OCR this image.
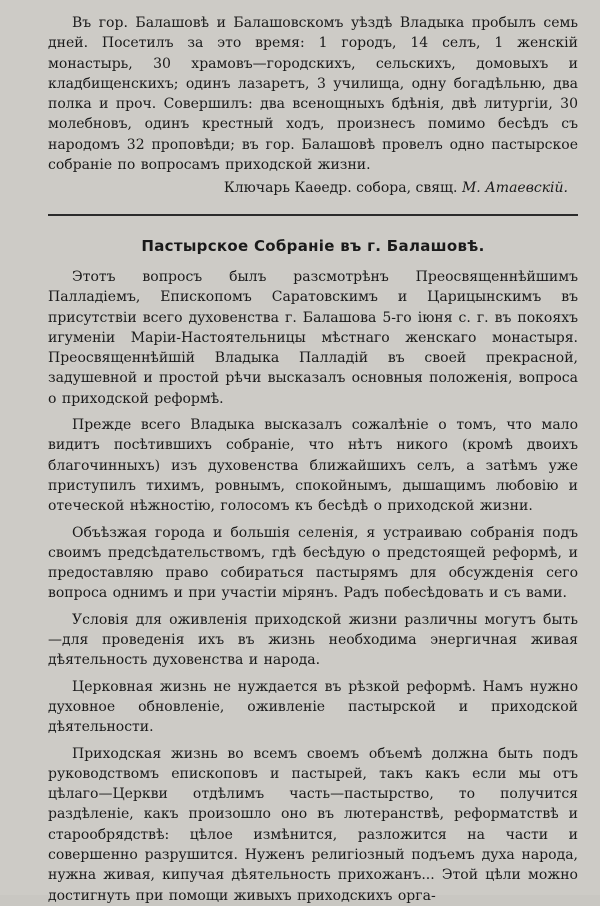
Въ гор. Балашовѣ и Балашовскомъ уѣздѣ Владыка пробылъ семь дней. Посетилъ за это время: 1 городъ, 14 селъ, 1 женскій монастырь, 30 храмовъ—городскихъ, сельскихъ, домовыхъ и кладбищенскихъ; одинъ лазаретъ, 3 училища, одну богадѣльню, два полка и проч. Совершилъ: два всенощныхъ бдѣнія, двѣ литургіи, 30 молебновъ, одинъ крестный ходъ, произнесъ помимо бесѣдъ съ народомъ 32 проповѣди; въ гор. Балашовѣ провелъ одно пастырское собраніе по вопросамъ приходской жизни.

Ключарь Каѳедр. собора, свящ. М. Атаевскій.
Пастырское Собраніе въ г. Балашовѣ.

Этотъ вопросъ былъ разсмотрѣнъ Преосвященнѣйшимъ Палладіемъ, Епископомъ Саратовскимъ и Царицынскимъ въ присутствіи всего духовенства г. Балашова 5-го іюня с. г. въ покояхъ игуменіи Маріи-Настоятельницы мѣстнаго женскаго монастыря. Преосвященнѣйшій Владыка Палладій въ своей прекрасной, задушевной и простой рѣчи высказалъ основныя положенія, вопроса о приходской реформѣ.

Прежде всего Владыка высказалъ сожалѣніе о томъ, что мало видитъ посѣтившихъ собраніе, что нѣтъ никого (кромѣ двоихъ благочинныхъ) изъ духовенства ближайшихъ селъ, а затѣмъ уже приступилъ тихимъ, ровнымъ, спокойнымъ, дышащимъ любовію и отеческой нѣжностію, голосомъ къ бесѣдѣ о приходской жизни.

Объѣзжая города и большія селенія, я устраиваю собранія подъ своимъ предсѣдательствомъ, гдѣ бесѣдую о предстоящей реформѣ, и предоставляю право собираться пастырямъ для обсужденія сего вопроса однимъ и при участіи мірянъ. Радъ побесѣдовать и съ вами.

Условія для оживленія приходской жизни различны могутъ быть—для проведенія ихъ въ жизнь необходима энергичная живая дѣятельность духовенства и народа.

Церковная жизнь не нуждается въ рѣзкой реформѣ. Намъ нужно духовное обновленіе, оживленіе пастырской и приходской дѣятельности.

Приходская жизнь во всемъ своемъ объемѣ должна быть подъ руководствомъ епископовъ и пастырей, такъ какъ если мы отъ цѣлаго—Церкви отдѣлимъ часть—пастырство, то получится раздѣленіе, какъ произошло оно въ лютеранствѣ, реформатствѣ и старообрядствѣ: цѣлое измѣнится, разложится на части и совершенно разрушится. Нуженъ религіозный подъемъ духа народа, нужна живая, кипучая дѣятельность прихожанъ... Этой цѣли можно достигнуть при помощи живыхъ приходскихъ орга-
